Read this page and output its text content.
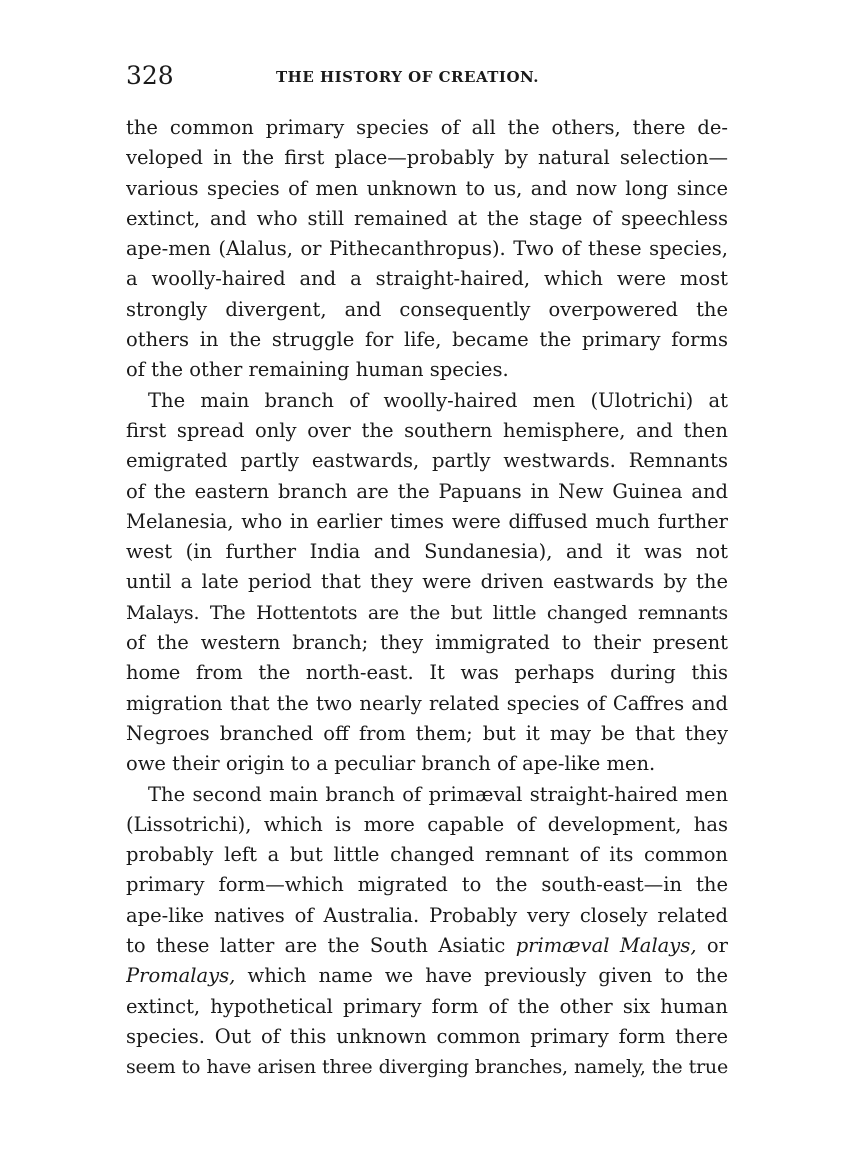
328	THE HISTORY OF CREATION.
the common primary species of all the others, there de-
veloped in the first place—probably by natural selection—
various species of men unknown to us, and now long since
extinct, and who still remained at the stage of speechless
ape-men (Alalus, or Pithecanthropus). Two of these species,
a woolly-haired and a straight-haired, which were most
strongly divergent, and consequently overpowered the
others in the struggle for life, became the primary forms
of the other remaining human species.
The main branch of woolly-haired men (Ulotrichi) at
first spread only over the southern hemisphere, and then
emigrated partly eastwards, partly westwards. Remnants
of the eastern branch are the Papuans in New Guinea and
Melanesia, who in earlier times were diffused much further
west (in further India and Sundanesia), and it was not
until a late period that they were driven eastwards by the
Malays. The Hottentots are the but little changed remnants
of the western branch; they immigrated to their present
home from the north-east. It was perhaps during this
migration that the two nearly related species of Caffres and
Negroes branched off from them; but it may be that they
owe their origin to a peculiar branch of ape-like men.
The second main branch of primæval straight-haired men
(Lissotrichi), which is more capable of development, has
probably left a but little changed remnant of its common
primary form—which migrated to the south-east—in the
ape-like natives of Australia. Probably very closely related
to these latter are the South Asiatic primæval Malays, or
Promalays, which name we have previously given to the
extinct, hypothetical primary form of the other six human
species. Out of this unknown common primary form there
seem to have arisen three diverging branches, namely, the true
